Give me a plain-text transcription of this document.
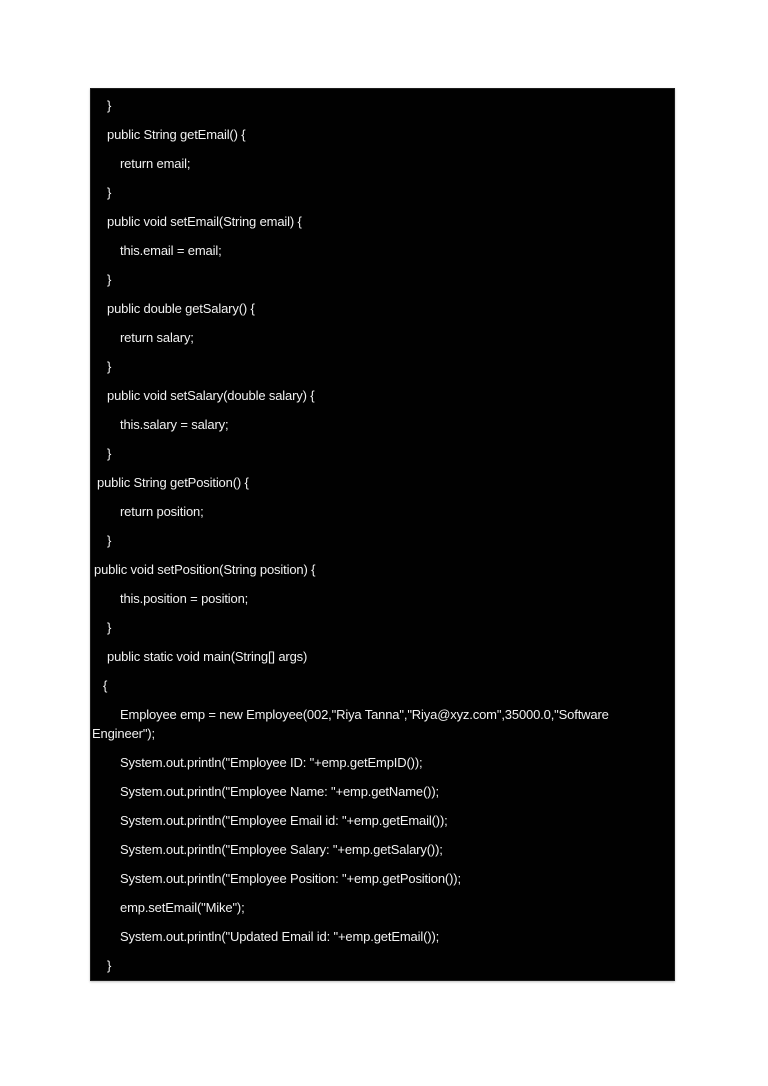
}
public String getEmail() {
return email;
}
public void setEmail(String email) {
this.email = email;
}
public double getSalary() {
return salary;
}
public void setSalary(double salary) {
this.salary = salary;
}
public String getPosition() {
return position;
}
public void setPosition(String position) {
this.position = position;
}
public static void main(String[] args)
{
Employee emp = new Employee(002,"Riya Tanna","Riya@xyz.com",35000.0,"Software
Engineer");
System.out.println("Employee ID: "+emp.getEmpID());
System.out.println("Employee Name: "+emp.getName());
System.out.println("Employee Email id: "+emp.getEmail());
System.out.println("Employee Salary: "+emp.getSalary());
System.out.println("Employee Position: "+emp.getPosition());
emp.setEmail("Mike");
System.out.println("Updated Email id: "+emp.getEmail());
}
